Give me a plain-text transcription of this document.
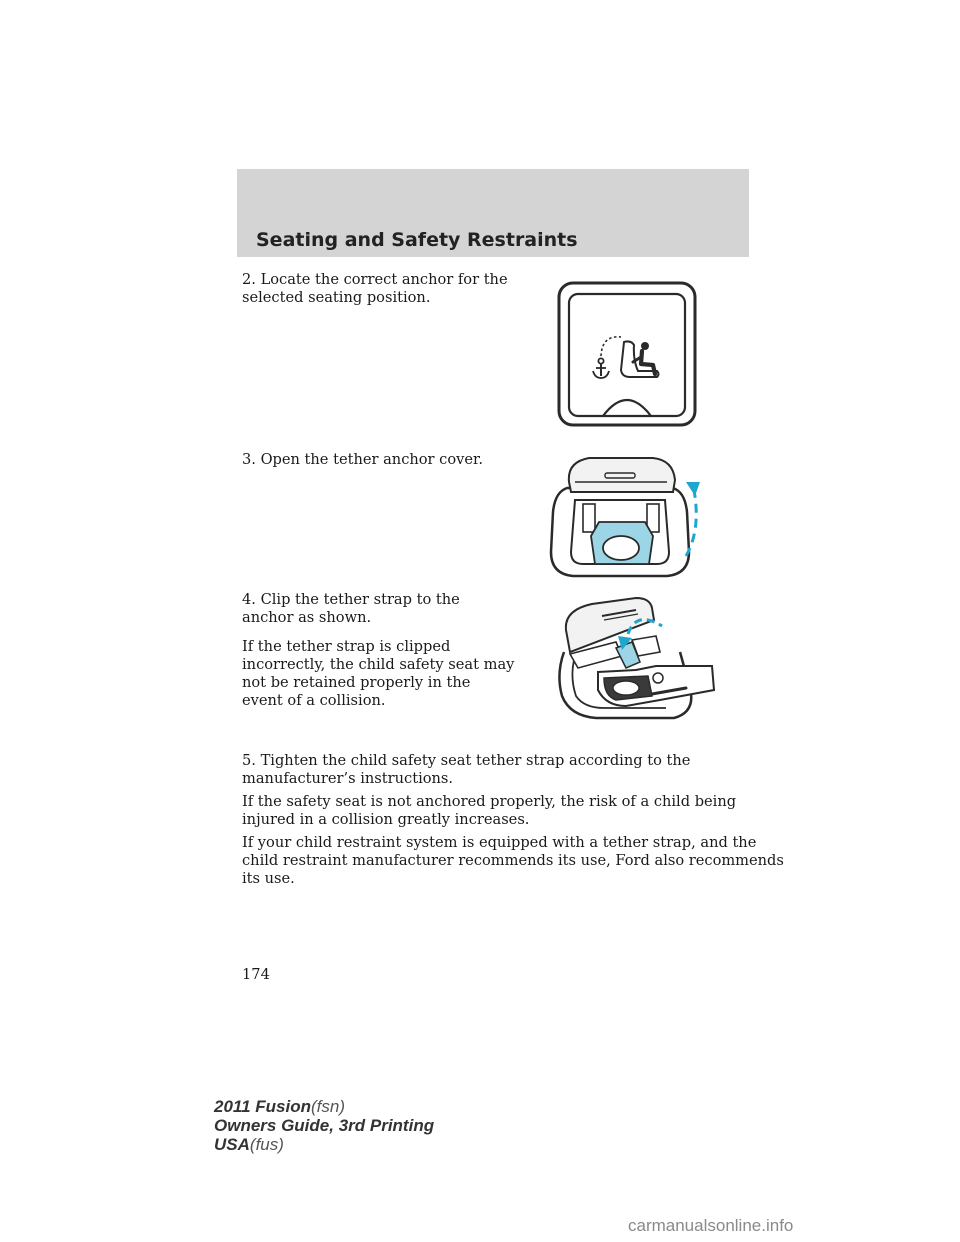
Seating and Safety Restraints
2. Locate the correct anchor for the
selected seating position.
3. Open the tether anchor cover.
4. Clip the tether strap to the
anchor as shown.
If the tether strap is clipped
incorrectly, the child safety seat may
not be retained properly in the
event of a collision.
5. Tighten the child safety seat tether strap according to the
manufacturer’s instructions.
If the safety seat is not anchored properly, the risk of a child being
injured in a collision greatly increases.
If your child restraint system is equipped with a tether strap, and the
child restraint manufacturer recommends its use, Ford also recommends
its use.
174
2011 Fusion(fsn)
Owners Guide, 3rd Printing
USA(fus)
carmanualsonline.info
